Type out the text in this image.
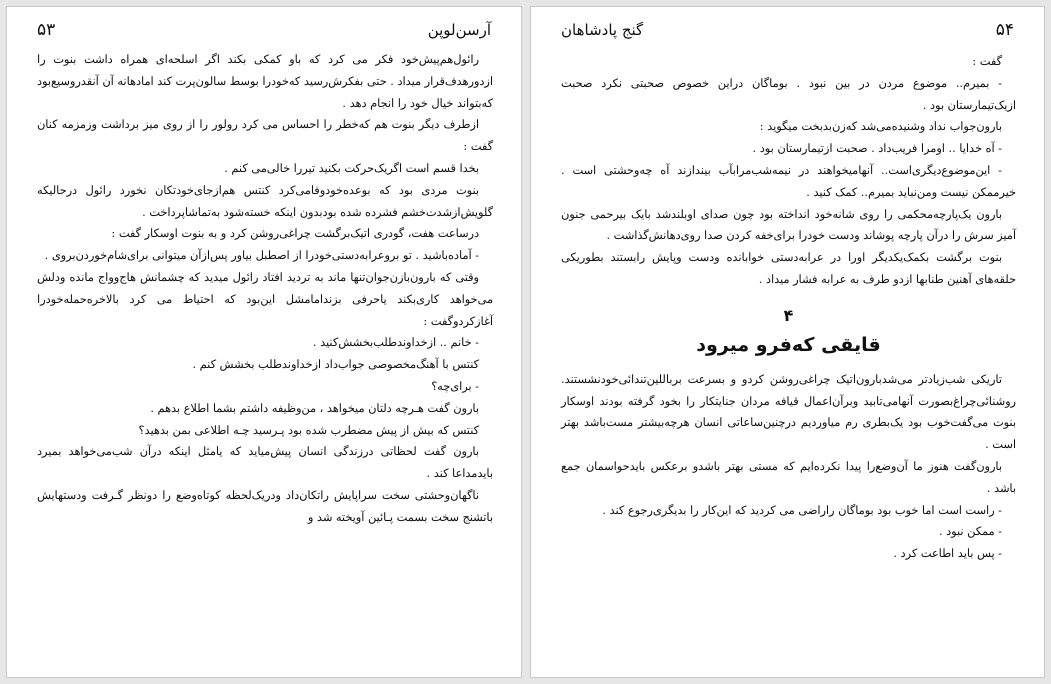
۵۳	آرسن‌لوپن

رائول‌هم‌پیش‌خود فکر می کرد که باو کمکی بکند اگر اسلحه‌ای همراه داشت بنوت را ازدورهدف‌قرار میداد . حتی بفکرش‌رسید که‌خودرا بوسط سالون‌پرت کند امادهانه آن آنقدروسیع‌بود که‌بتواند خیال خود را انجام دهد .

ازطرف دیگر بنوت هم که‌خطر را احساس می کرد رولور را از روی میز برداشت وزمزمه کنان گفت :

بخدا قسم است اگریک‌حرکت بکنید تیررا خالی‌می کنم .

بنوت مردی بود که بوعده‌خودوفامی‌کرد کنتس هم‌ازجای‌خودتکان نخورد رائول درحالیکه گلویش‌ازشدت‌خشم فشرده شده بودبدون اینکه خسته‌شود به‌تماشاپرداخت .

درساعت هفت، گودری اتیک‌برگشت چراغی‌روشن کرد و به بنوت اوسکار گفت :

- آماده‌باشید . تو برو‌عرابه‌دستی‌خودرا از اصطبل بیاور پس‌ازآن میتوانی برای‌شام‌خوردن‌بروی .

وقتی که بارون‌بازن‌جوان‌تنها ماند به تردید افتاد رائول میدید که چشمانش هاج‌وواج مانده ودلش می‌خواهد کاری‌بکند یاحرفی بزند‌امامشل این‌بود که احتیاط می کرد بالاخره‌حمله‌خودرا آغاز‌کرد‌وگفت :

- خانم .. ازخداو‌ندطلب‌بخشش‌کنید .

کنتس با آهنگ‌مخصوصی جواب‌داد ازخداوندطلب بخشش کنم .

- برای‌چه؟

بارون گفت هـرچه دلتان میخواهد ، من‌وظیفه داشتم بشما اطلاع بدهم .

کنتس که بیش از پیش مضطرب شده بود پـرسید چـه اطلاعی بمن بدهید؟

بارون گفت لحظاتی درزندگی انسان پیش‌میاید که یامثل اینکه درآن شب‌می‌خواهد بمیرد بایدمداعا کند .

ناگهان‌وحشتی سخت سراپایش راتکان‌داد ودریک‌لحظه کوتاه‌وضع را دونظر گـرفت ودستهایش باتشنج سخت بسمت پـائین آویخته شد و

گنج پادشاهان	۵۴

گفت :

- بمیرم.. موضوع مردن در بین نبود . بوماگان دراین خصوص صحبتی نکرد صحبت ازیک‌تیمارستان بود .

بارون‌جواب نداد وشنیده‌می‌شد که‌زن‌بدبخت میگوید :

- آه خدایا .. اومرا فریب‌داد . صحبت ازتیمارستان بود .

- این‌موضوع‌دیگری‌است.. آنهامیخواهند در نیمه‌شب‌مرا‌بآب بیندازند آه چه‌وحشتی است . خیرممکن نیست ومن‌نباید بمیرم.. کمک کنید .

بارون یک‌پارچه‌محکمی را روی شانه‌خود انداخته بود چون صدای اوبلندشد بایک بیرحمی جنون آمیز سرش را درآن پارچه پوشاند ودست خودرا برای‌خفه کردن صدا روی‌دهانش‌گذاشت .

بنوت برگشت بکمک‌یکدیگر اورا در عرابه‌دستی خوابانده ودست وپایش رابستند بطوریکی حلقه‌های آهنین طنابها ازدو طرف به عرابه فشار میداد .

۴
قایقی که‌فرو میرود

تاریکی شب‌زیادتر می‌شد‌بارون‌اتیک چراغی‌روشن کردو و بسرعت برباللین‌تندائی‌خودنشستند. روشنائی‌چراغ‌بصورت آنهامی‌تابید وبرآن‌اعمال قیافه مردان جنایتکار را بخود گرفته بودند اوسکار بنوت می‌گفت‌خوب بود یک‌بطری رم میاوردیم درچنین‌ساعاتی انسان هرچه‌بیشتر مست‌باشد بهتر است .

بارون‌گفت هنوز ما آن‌وضع‌را پیدا نکرده‌ایم که مستی بهتر باشدو برعکس بایدحواسمان جمع باشد .

- راست است اما خوب بود بوماگان راراضی می کردید که این‌کار را بدیگری‌رجوع کند .

- ممکن نبود .

- پس باید اطاعت کرد .
